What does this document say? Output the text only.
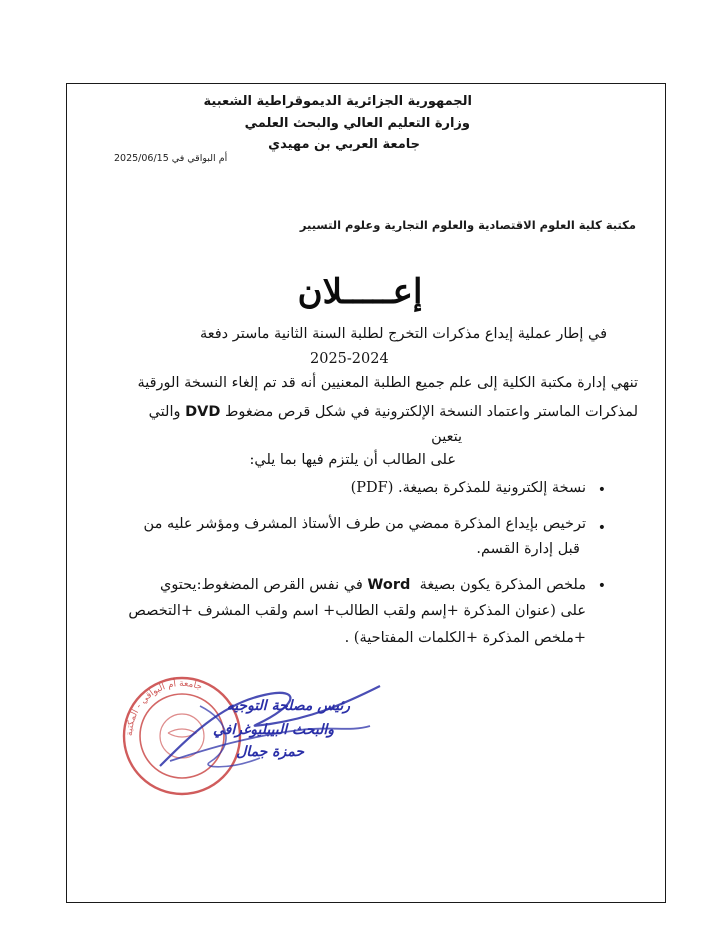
الجمهورية الجزائرية الديموقراطية الشعبية
وزارة التعليم العالي والبحث العلمي
جامعة العربي بن مهيدي
أم البواقي في 2025/06/15
مكتبة كلية العلوم الاقتصادية والعلوم التجارية وعلوم التسيير
إعـــــلان
في إطار عملية إيداع مذكرات التخرج لطلبة السنة الثانية ماستر دفعة
2025-2024
تنهي إدارة مكتبة الكلية إلى علم جميع الطلبة المعنيين أنه قد تم إلغاء النسخة الورقية
لمذكرات الماستر واعتماد النسخة الإلكترونية في شكل قرص مضغوط DVD والتي
يتعين
على الطالب أن يلتزم فيها بما يلي:
•
•
•
نسخة إلكترونية للمذكرة بصيغة. (PDF)
ترخيص بإيداع المذكرة ممضي من طرف الأستاذ المشرف ومؤشر عليه من
قبل إدارة القسم.
ملخص المذكرة يكون بصيغة  Word في نفس القرص المضغوط:يحتوي
على (عنوان المذكرة +إسم ولقب الطالب+ اسم ولقب المشرف +التخصص
+ملخص المذكرة +الكلمات المفتاحية) .
جامعة أم البواقي - المكتبة
رئيس مصلحة التوجيه
والبحث البيبليوغرافي
حمزة جمال
